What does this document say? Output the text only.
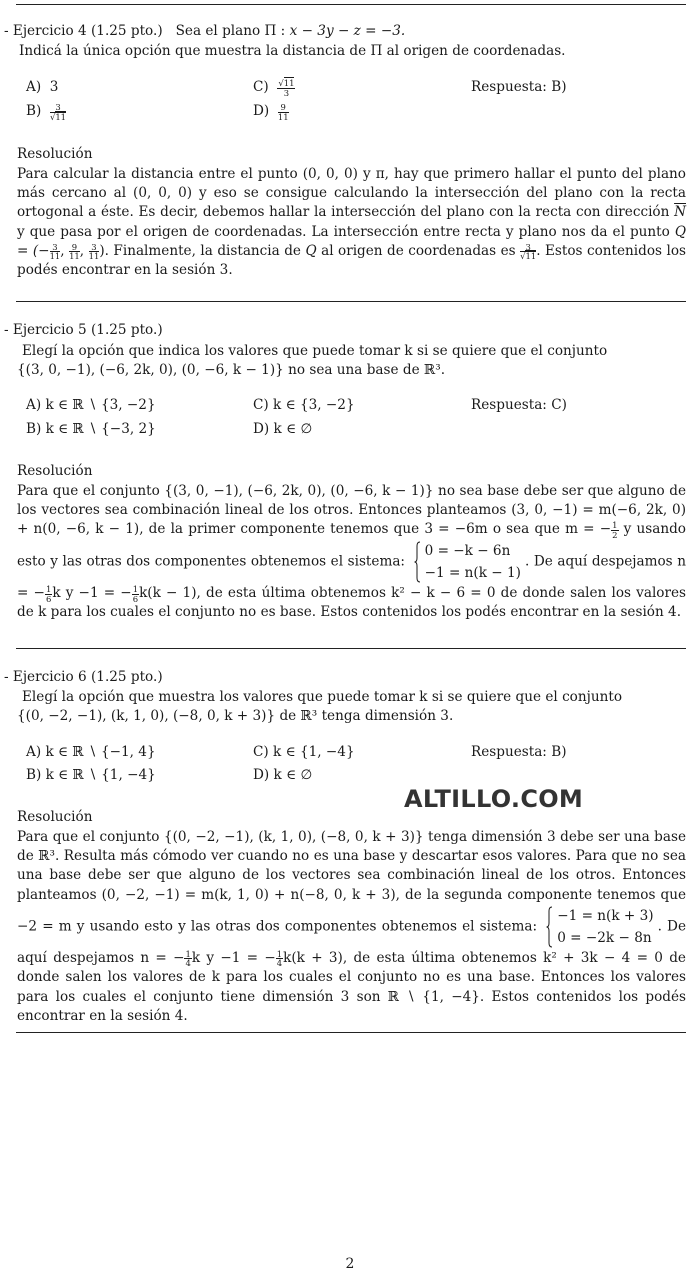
- Ejercicio 4 (1.25 pto.) Sea el plano Π : x − 3y − z = −3.
Indicá la única opción que muestra la distancia de Π al origen de coordenadas.
A) 3
$B) \frac{3}{√11}$
$C) \frac{√11}{3}$
$D) \frac{9}{11}$
Respuesta: B)
Resolución
Para calcular la distancia entre el punto (0, 0, 0) y π, hay que primero hallar el punto del plano más cercano al (0, 0, 0) y eso se consigue calculando la intersección del plano con la recta ortogonal a éste. Es decir, debemos hallar la intersección del plano con la recta con dirección $\overline{N}$ y que pasa por el origen de coordenadas. La intersección entre recta y plano nos da el punto Q = (− $\frac{3}{11}$ , $\frac{9}{11}$ , $\frac{3}{11}$ ). Finalmente, la distancia de Q al origen de coordenadas es $\frac{3}{√11}$ . Estos contenidos los podés encontrar en la sesión 3.
- Ejercicio 5 (1.25 pto.)
Elegí la opción que indica los valores que puede tomar k si se quiere que el conjunto
{(3, 0, −1), (−6, 2k, 0), (0, −6, k − 1)} no sea una base de ℝ³.
A) k ∈ ℝ ∖ {3, −2}
B) k ∈ ℝ ∖ {−3, 2}
C) k ∈ {3, −2}
D) k ∈ ∅
Respuesta: C)
Resolución
Para que el conjunto {(3, 0, −1), (−6, 2k, 0), (0, −6, k − 1)} no sea base debe ser que alguno de los vectores sea combinación lineal de los otros. Entonces planteamos (3, 0, −1) = m(−6, 2k, 0) + n(0, −6, k − 1), de la primer componente tenemos que 3 = −6m o sea que m = − $\frac{1}{2}$ y usando esto y las otras dos componentes obtenemos el sistema:
0 = −k − 6n
−1 = n(k − 1)
. De aquí despejamos n = − $\frac{1}{6}$ k y −1 = − $\frac{1}{6} k(k - 1)$, de esta última obtenemos k² − k − 6 = 0 de donde salen los valores de k para los cuales el conjunto no es base. Estos contenidos los podés encontrar en la sesión 4.
- Ejercicio 6 (1.25 pto.)
Elegí la opción que muestra los valores que puede tomar k si se quiere que el conjunto
{(0, −2, −1), (k, 1, 0), (−8, 0, k + 3)} de ℝ³ tenga dimensión 3.
A) k ∈ ℝ ∖ {−1, 4}
B) k ∈ ℝ ∖ {1, −4}
C) k ∈ {1, −4}
D) k ∈ ∅
Respuesta: B)
ALTILLO.COM
Resolución
Para que el conjunto {(0, −2, −1), (k, 1, 0), (−8, 0, k + 3)} tenga dimensión 3 debe ser una base de ℝ³. Resulta más cómodo ver cuando no es una base y descartar esos valores. Para que no sea una base debe ser que alguno de los vectores sea combinación lineal de los otros. Entonces planteamos (0, −2, −1) = m(k, 1, 0) + n(−8, 0, k + 3), de la segunda componente tenemos que −2 = m y usando esto y las otras dos componentes obtenemos el sistema:
−1 = n(k + 3)
0 = −2k − 8n
. De aquí despejamos n = − $\frac{1}{4}$ k y −1 = − $\frac{1}{4} k(k + 3)$, de esta última obtenemos k² + 3k − 4 = 0 de donde salen los valores de k para los cuales el conjunto no es una base. Entonces los valores para los cuales el conjunto tiene dimensión 3 son ℝ ∖ {1, −4}. Estos contenidos los podés encontrar en la sesión 4.
2
